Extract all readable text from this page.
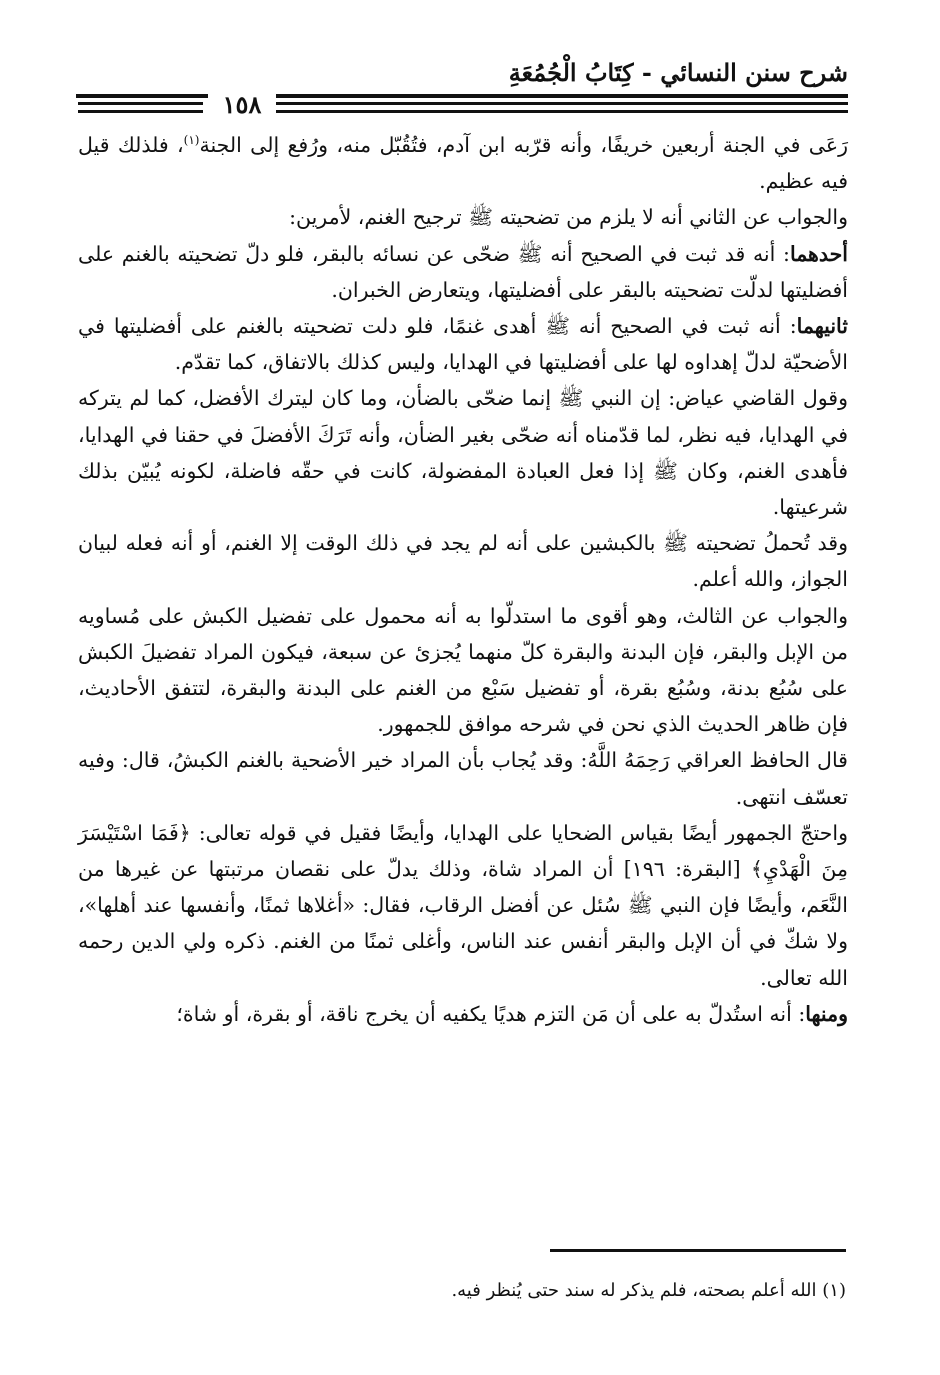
شرح سنن النسائي - كِتَابُ الْجُمُعَةِ
١٥٨

رَعَى في الجنة أربعين خريفًا، وأنه قرّبه ابن آدم، فتُقُبّل منه، ورُفع إلى الجنة$^{(١)}$، فلذلك قيل فيه عظيم.

والجواب عن الثاني أنه لا يلزم من تضحيته ﷺ ترجيح الغنم، لأمرين:

أحدهما: أنه قد ثبت في الصحيح أنه ﷺ ضحّى عن نسائه بالبقر، فلو دلّ تضحيته بالغنم على أفضليتها لدلّت تضحيته بالبقر على أفضليتها، ويتعارض الخبران.

ثانيهما: أنه ثبت في الصحيح أنه ﷺ أهدى غنمًا، فلو دلت تضحيته بالغنم على أفضليتها في الأضحيّة لدلّ إهداوه لها على أفضليتها في الهدايا، وليس كذلك بالاتفاق، كما تقدّم.

وقول القاضي عياض: إن النبي ﷺ إنما ضحّى بالضأن، وما كان ليترك الأفضل، كما لم يتركه في الهدايا، فيه نظر، لما قدّمناه أنه ضحّى بغير الضأن، وأنه تَرَكَ الأفضلَ في حقنا في الهدايا، فأهدى الغنم، وكان ﷺ إذا فعل العبادة المفضولة، كانت في حقّه فاضلة، لكونه يُبيّن بذلك شرعيتها.

وقد تُحملُ تضحيته ﷺ بالكبشين على أنه لم يجد في ذلك الوقت إلا الغنم، أو أنه فعله لبيان الجواز، والله أعلم.

والجواب عن الثالث، وهو أقوى ما استدلّوا به أنه محمول على تفضيل الكبش على مُساويه من الإبل والبقر، فإن البدنة والبقرة كلّ منهما يُجزئ عن سبعة، فيكون المراد تفضيلَ الكبش على سُبُع بدنة، وسُبُع بقرة، أو تفضيل سَبْع من الغنم على البدنة والبقرة، لتتفق الأحاديث، فإن ظاهر الحديث الذي نحن في شرحه موافق للجمهور.

قال الحافظ العراقي رَحِمَهُ اللَّهُ: وقد يُجاب بأن المراد خير الأضحية بالغنم الكبشُ، قال: وفيه تعسّف انتهى.

واحتجّ الجمهور أيضًا بقياس الضحايا على الهدايا، وأيضًا فقيل في قوله تعالى: ﴿فَمَا اسْتَيْسَرَ مِنَ الْهَدْيِ﴾ [البقرة: ١٩٦] أن المراد شاة، وذلك يدلّ على نقصان مرتبتها عن غيرها من النَّعَم، وأيضًا فإن النبي ﷺ سُئل عن أفضل الرقاب، فقال: «أغلاها ثمنًا، وأنفسها عند أهلها»، ولا شكّ في أن الإبل والبقر أنفس عند الناس، وأغلى ثمنًا من الغنم. ذكره ولي الدين رحمه الله تعالى.

ومنها: أنه استُدلّ به على أن مَن التزم هديًا يكفيه أن يخرج ناقة، أو بقرة، أو شاة؛

(١) الله أعلم بصحته، فلم يذكر له سند حتى يُنظر فيه.
